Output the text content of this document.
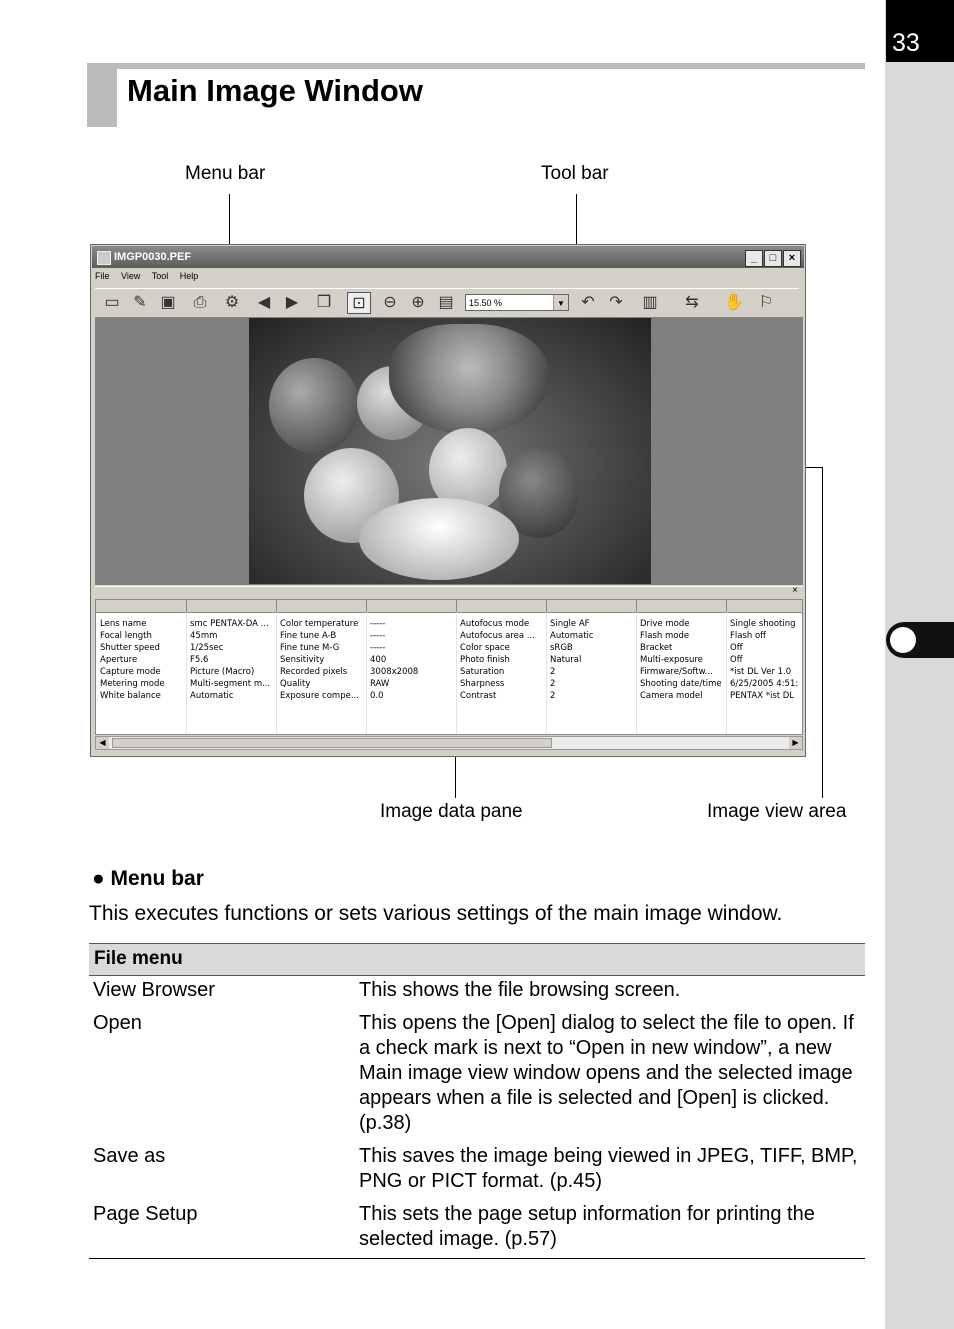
33
Main Image Window
Menu bar	Tool bar
Image data pane	Image view area
IMGP0030.PEF	_	□	×
File View Tool Help
▭ ✎ ▣ ⎙ ⚙	◀ ▶	❐	⊡	⊖ ⊕ ▤	15.50 %	▼ ↶ ↷ ▥ ⇆ ✋ ⚐
×
Lens name	smc PENTAX-DA ...	Color temperature	-----	Autofocus mode	Single AF	Drive mode	Single shooting
Focal length	45mm	Fine tune A-B	-----	Autofocus area ...	Automatic	Flash mode	Flash off
Shutter speed	1/25sec	Fine tune M-G	-----	Color space	sRGB	Bracket	Off
Aperture	F5.6	Sensitivity	400	Photo finish	Natural	Multi-exposure	Off
Capture mode	Picture (Macro)	Recorded pixels	3008x2008	Saturation	2	Firmware/Softw...	*ist DL Ver 1.0
Metering mode	Multi-segment m...	Quality	RAW	Sharpness	2	Shooting date/time 6/25/2005 4:51:
White balance	Automatic	Exposure compe...	0.0	Contrast	2	Camera model	PENTAX *ist DL
◀	▶
● Menu bar
This executes functions or sets various settings of the main image window.
File menu
View Browser	This shows the file browsing screen.
Open	This opens the [Open] dialog to select the file to open. If a check mark is next to “Open in new window”, a new Main image view window opens and the selected image appears when a file is selected and [Open] is clicked. (p.38)
Save as	This saves the image being viewed in JPEG, TIFF, BMP, PNG or PICT format. (p.45)
Page Setup	This sets the page setup information for printing the selected image. (p.57)
